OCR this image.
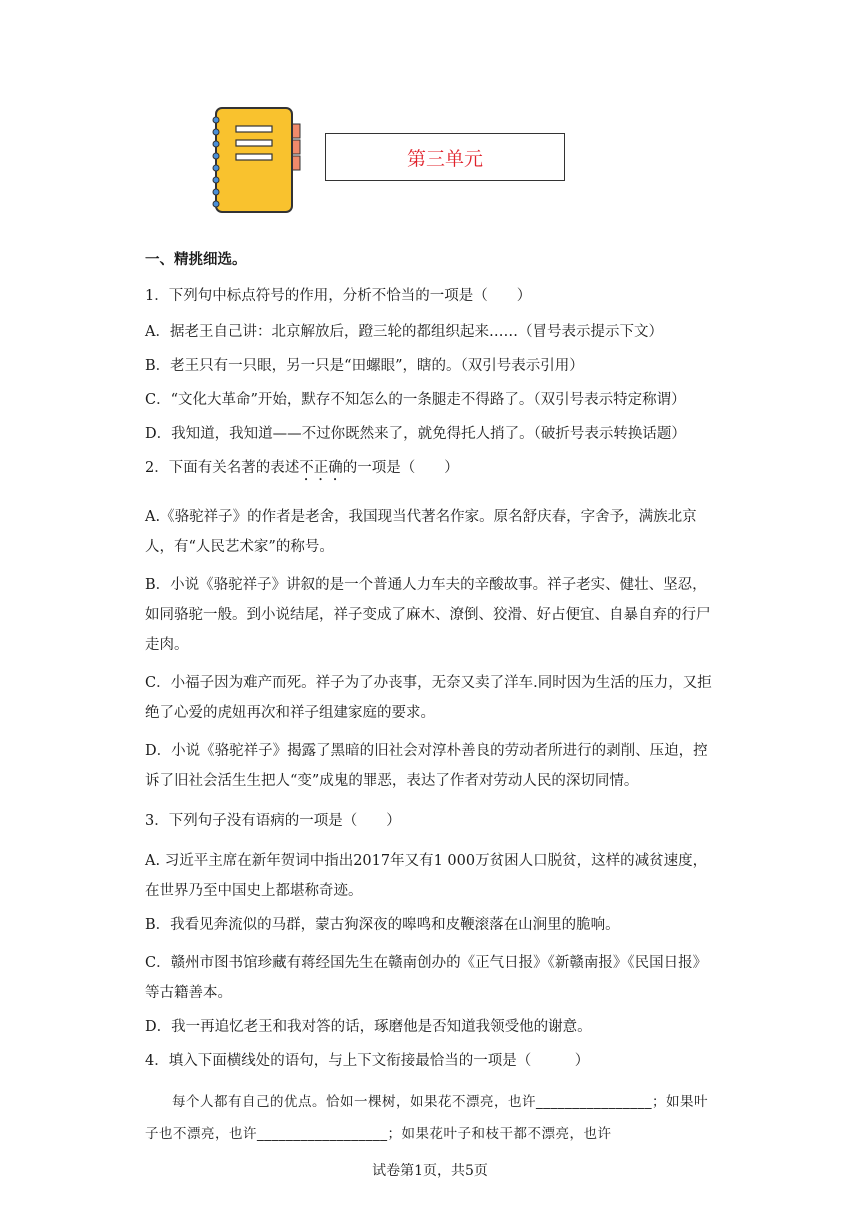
第三单元
一、精挑细选。
1．下列句中标点符号的作用，分析不恰当的一项是（　　）
A．据老王自己讲：北京解放后，蹬三轮的都组织起来……（冒号表示提示下文）
B．老王只有一只眼，另一只是“田螺眼”，瞎的。（双引号表示引用）
C．“文化大革命”开始，默存不知怎么的一条腿走不得路了。（双引号表示特定称谓）
D．我知道，我知道——不过你既然来了，就免得托人捎了。（破折号表示转换话题）
2．下面有关名著的表述不正确的一项是（　　）
A.《骆驼祥子》的作者是老舍，我国现当代著名作家。原名舒庆春，字舍予，满族北京人，有“人民艺术家”的称号。
B．小说《骆驼祥子》讲叙的是一个普通人力车夫的辛酸故事。祥子老实、健壮、坚忍，如同骆驼一般。到小说结尾，祥子变成了麻木、潦倒、狡滑、好占便宜、自暴自弃的行尸走肉。
C．小福子因为难产而死。祥子为了办丧事，无奈又卖了洋车.同时因为生活的压力，又拒绝了心爱的虎妞再次和祥子组建家庭的要求。
D．小说《骆驼祥子》揭露了黑暗的旧社会对淳朴善良的劳动者所进行的剥削、压迫，控诉了旧社会活生生把人“变”成鬼的罪恶，表达了作者对劳动人民的深切同情。
3．下列句子没有语病的一项是（　　）
A. 习近平主席在新年贺词中指出2017年又有1 000万贫困人口脱贫，这样的减贫速度，在世界乃至中国史上都堪称奇迹。
B．我看见奔流似的马群，蒙古狗深夜的嗥鸣和皮鞭滚落在山涧里的脆响。
C．赣州市图书馆珍藏有蒋经国先生在赣南创办的《正气日报》《新赣南报》《民国日报》等古籍善本。
D．我一再追忆老王和我对答的话，琢磨他是否知道我领受他的谢意。
4．填入下面横线处的语句，与上下文衔接最恰当的一项是（　　　）
每个人都有自己的优点。恰如一棵树，如果花不漂亮，也许________________；如果叶子也不漂亮，也许__________________；如果花叶子和枝干都不漂亮，也许
试卷第1页，共5页
